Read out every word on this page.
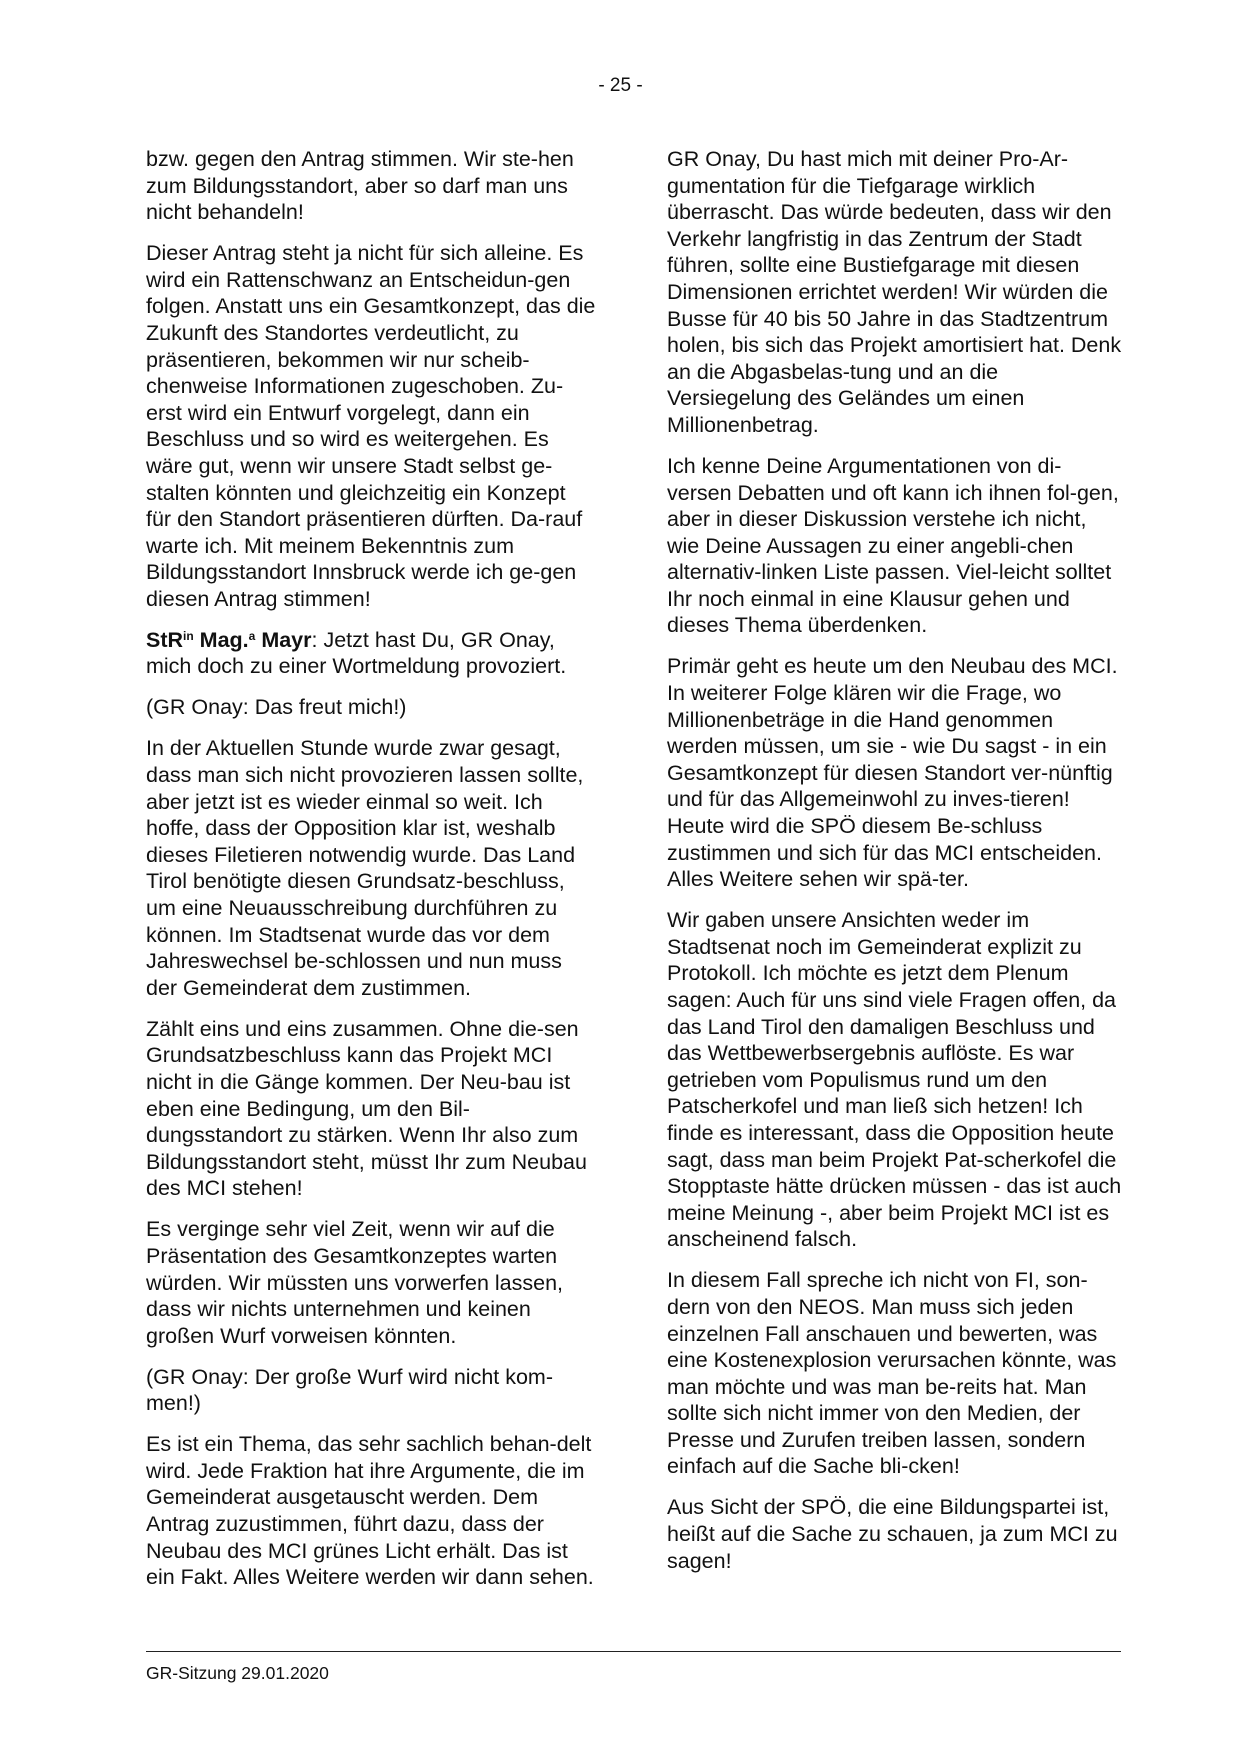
- 25 -

bzw. gegen den Antrag stimmen. Wir ste-hen zum Bildungsstandort, aber so darf man uns nicht behandeln!

Dieser Antrag steht ja nicht für sich alleine. Es wird ein Rattenschwanz an Entscheidun-gen folgen. Anstatt uns ein Gesamtkonzept, das die Zukunft des Standortes verdeutlicht, zu präsentieren, bekommen wir nur scheib-chenweise Informationen zugeschoben. Zu-erst wird ein Entwurf vorgelegt, dann ein Beschluss und so wird es weitergehen. Es wäre gut, wenn wir unsere Stadt selbst ge-stalten könnten und gleichzeitig ein Konzept für den Standort präsentieren dürften. Da-rauf warte ich. Mit meinem Bekenntnis zum Bildungsstandort Innsbruck werde ich ge-gen diesen Antrag stimmen!

StR$^{in}$ Mag.$^a$ Mayr: Jetzt hast Du, GR Onay, mich doch zu einer Wortmeldung provoziert.

(GR Onay: Das freut mich!)

In der Aktuellen Stunde wurde zwar gesagt, dass man sich nicht provozieren lassen sollte, aber jetzt ist es wieder einmal so weit. Ich hoffe, dass der Opposition klar ist, weshalb dieses Filetieren notwendig wurde. Das Land Tirol benötigte diesen Grundsatz-beschluss, um eine Neuausschreibung durchführen zu können. Im Stadtsenat wurde das vor dem Jahreswechsel be-schlossen und nun muss der Gemeinderat dem zustimmen.

Zählt eins und eins zusammen. Ohne die-sen Grundsatzbeschluss kann das Projekt MCI nicht in die Gänge kommen. Der Neu-bau ist eben eine Bedingung, um den Bil-dungsstandort zu stärken. Wenn Ihr also zum Bildungsstandort steht, müsst Ihr zum Neubau des MCI stehen!

Es verginge sehr viel Zeit, wenn wir auf die Präsentation des Gesamtkonzeptes warten würden. Wir müssten uns vorwerfen lassen, dass wir nichts unternehmen und keinen großen Wurf vorweisen könnten.

(GR Onay: Der große Wurf wird nicht kom-men!)

Es ist ein Thema, das sehr sachlich behan-delt wird. Jede Fraktion hat ihre Argumente, die im Gemeinderat ausgetauscht werden. Dem Antrag zuzustimmen, führt dazu, dass der Neubau des MCI grünes Licht erhält. Das ist ein Fakt. Alles Weitere werden wir dann sehen.

GR Onay, Du hast mich mit deiner Pro-Ar-gumentation für die Tiefgarage wirklich überrascht. Das würde bedeuten, dass wir den Verkehr langfristig in das Zentrum der Stadt führen, sollte eine Bustiefgarage mit diesen Dimensionen errichtet werden! Wir würden die Busse für 40 bis 50 Jahre in das Stadtzentrum holen, bis sich das Projekt amortisiert hat. Denk an die Abgasbelas-tung und an die Versiegelung des Geländes um einen Millionenbetrag.

Ich kenne Deine Argumentationen von di-versen Debatten und oft kann ich ihnen fol-gen, aber in dieser Diskussion verstehe ich nicht, wie Deine Aussagen zu einer angebli-chen alternativ-linken Liste passen. Viel-leicht solltet Ihr noch einmal in eine Klausur gehen und dieses Thema überdenken.

Primär geht es heute um den Neubau des MCI. In weiterer Folge klären wir die Frage, wo Millionenbeträge in die Hand genommen werden müssen, um sie - wie Du sagst - in ein Gesamtkonzept für diesen Standort ver-nünftig und für das Allgemeinwohl zu inves-tieren! Heute wird die SPÖ diesem Be-schluss zustimmen und sich für das MCI entscheiden. Alles Weitere sehen wir spä-ter.

Wir gaben unsere Ansichten weder im Stadtsenat noch im Gemeinderat explizit zu Protokoll. Ich möchte es jetzt dem Plenum sagen: Auch für uns sind viele Fragen offen, da das Land Tirol den damaligen Beschluss und das Wettbewerbsergebnis auflöste. Es war getrieben vom Populismus rund um den Patscherkofel und man ließ sich hetzen! Ich finde es interessant, dass die Opposition heute sagt, dass man beim Projekt Pat-scherkofel die Stopptaste hätte drücken müssen - das ist auch meine Meinung -, aber beim Projekt MCI ist es anscheinend falsch.

In diesem Fall spreche ich nicht von FI, son-dern von den NEOS. Man muss sich jeden einzelnen Fall anschauen und bewerten, was eine Kostenexplosion verursachen könnte, was man möchte und was man be-reits hat. Man sollte sich nicht immer von den Medien, der Presse und Zurufen treiben lassen, sondern einfach auf die Sache bli-cken!

Aus Sicht der SPÖ, die eine Bildungspartei ist, heißt auf die Sache zu schauen, ja zum MCI zu sagen!

GR-Sitzung 29.01.2020
